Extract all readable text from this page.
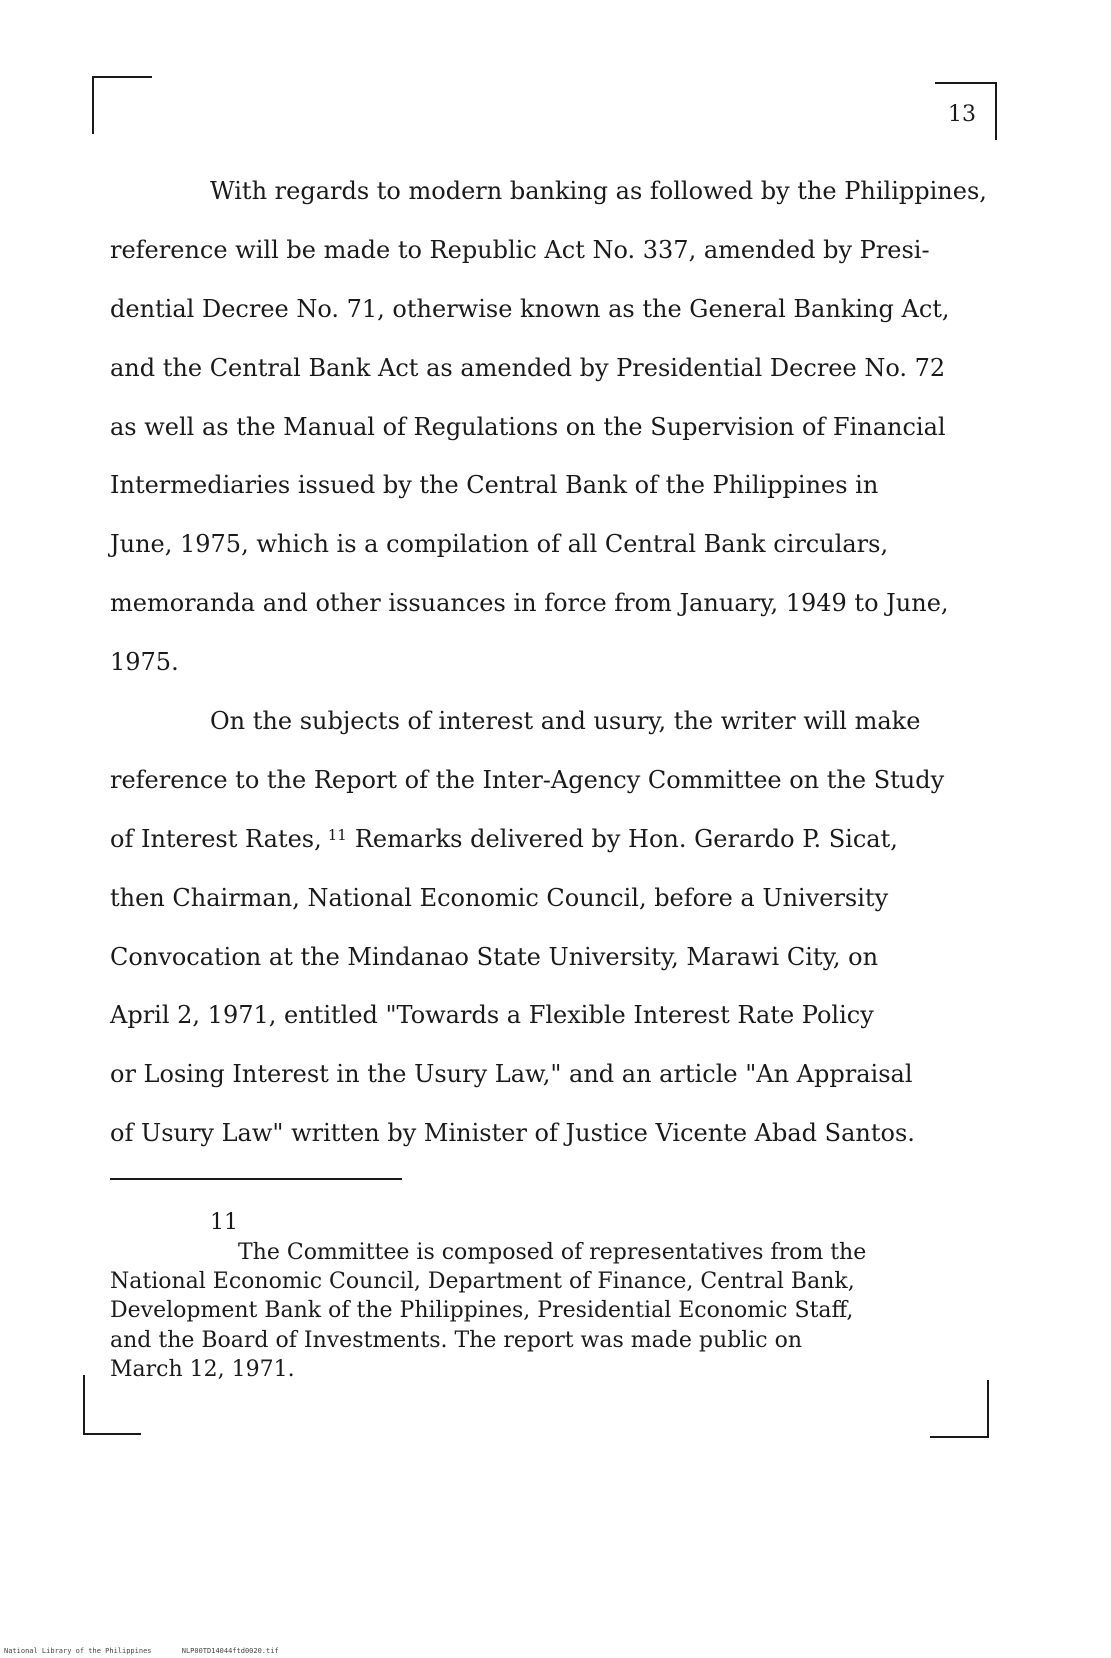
13
With regards to modern banking as followed by the Philippines,
reference will be made to Republic Act No. 337, amended by Presi-
dential Decree No. 71, otherwise known as the General Banking Act,
and the Central Bank Act as amended by Presidential Decree No. 72
as well as the Manual of Regulations on the Supervision of Financial
Intermediaries issued by the Central Bank of the Philippines in
June, 1975, which is a compilation of all Central Bank circulars,
memoranda and other issuances in force from January, 1949 to June,
1975.
On the subjects of interest and usury, the writer will make
reference to the Report of the Inter-Agency Committee on the Study
of Interest Rates, $^{11}$ Remarks delivered by Hon. Gerardo P. Sicat,
then Chairman, National Economic Council, before a University
Convocation at the Mindanao State University, Marawi City, on
April 2, 1971, entitled "Towards a Flexible Interest Rate Policy
or Losing Interest in the Usury Law," and an article "An Appraisal
of Usury Law" written by Minister of Justice Vicente Abad Santos.
11
The Committee is composed of representatives from the
National Economic Council, Department of Finance, Central Bank,
Development Bank of the Philippines, Presidential Economic Staff,
and the Board of Investments. The report was made public on
March 12, 1971.
National Library of the Philippines	NLP00TD14044ftd0020.tif
